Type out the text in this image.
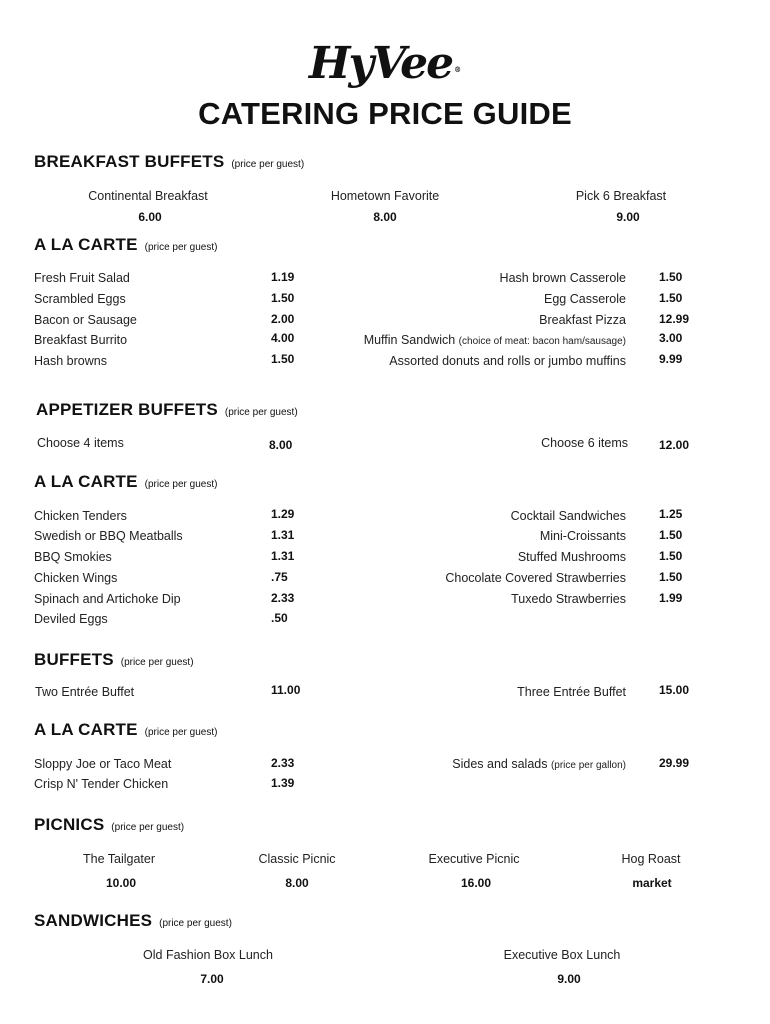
HyVee ®
CATERING PRICE GUIDE
BREAKFAST BUFFETS (price per guest)
Continental Breakfast
6.00
Hometown Favorite
8.00
Pick 6 Breakfast
9.00
A LA CARTE (price per guest)
Fresh Fruit Salad	1.19
Scrambled Eggs	1.50
Bacon or Sausage	2.00
Breakfast Burrito	4.00
Hash browns	1.50
Hash brown Casserole	1.50
Egg Casserole	1.50
Breakfast Pizza	12.99
Muffin Sandwich (choice of meat: bacon ham/sausage)	3.00
Assorted donuts and rolls or jumbo muffins	9.99
APPETIZER BUFFETS (price per guest)
Choose 4 items	8.00	Choose 6 items	12.00
A LA CARTE (price per guest)
Chicken Tenders	1.29
Swedish or BBQ Meatballs	1.31
BBQ Smokies	1.31
Chicken Wings	.75
Spinach and Artichoke Dip	2.33
Deviled Eggs	.50
Cocktail Sandwiches	1.25
Mini-Croissants	1.50
Stuffed Mushrooms	1.50
Chocolate Covered Strawberries	1.50
Tuxedo Strawberries	1.99
BUFFETS (price per guest)
Two Entrée Buffet	11.00	Three Entrée Buffet	15.00
A LA CARTE (price per guest)
Sloppy Joe or Taco Meat	2.33
Crisp N' Tender Chicken	1.39
Sides and salads (price per gallon)	29.99
PICNICS (price per guest)
The Tailgater
10.00
Classic Picnic
8.00
Executive Picnic
16.00
Hog Roast
market
SANDWICHES (price per guest)
Old Fashion Box Lunch
7.00
Executive Box Lunch
9.00
